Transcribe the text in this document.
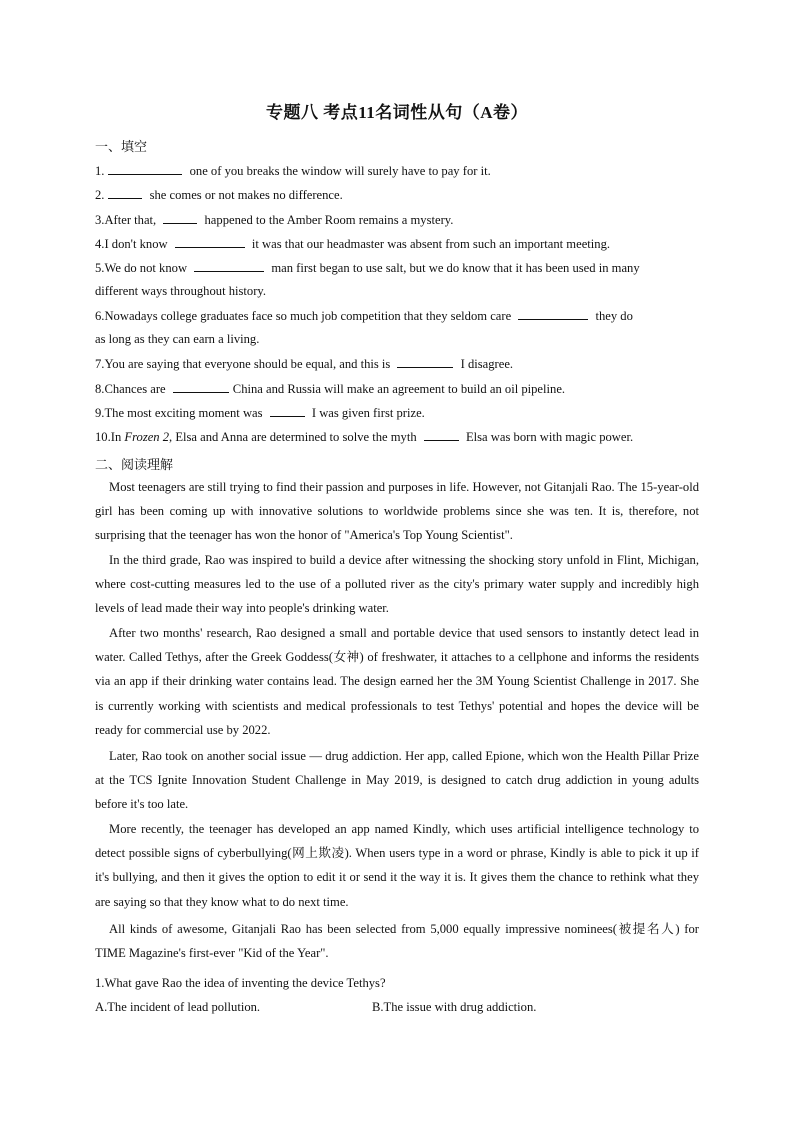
专题八 考点11名词性从句（A卷）
一、填空
1.	one of you breaks the window will surely have to pay for it.
2.	she comes or not makes no difference.
3.After that,	happened to the Amber Room remains a mystery.
4.I don't know	it was that our headmaster was absent from such an important meeting.
5.We do not know	man first began to use salt, but we do know that it has been used in many
different ways throughout history.
6.Nowadays college graduates face so much job competition that they seldom care	they do
as long as they can earn a living.
7.You are saying that everyone should be equal, and this is	I disagree.
8.Chances are	China and Russia will make an agreement to build an oil pipeline.
9.The most exciting moment was	I was given first prize.
10.In Frozen 2, Elsa and Anna are determined to solve the myth	Elsa was born with magic power.
二、阅读理解
Most teenagers are still trying to find their passion and purposes in life. However, not Gitanjali Rao. The 15-year-old girl has been coming up with innovative solutions to worldwide problems since she was ten. It is, therefore, not surprising that the teenager has won the honor of "America's Top Young Scientist".
In the third grade, Rao was inspired to build a device after witnessing the shocking story unfold in Flint, Michigan, where cost-cutting measures led to the use of a polluted river as the city's primary water supply and incredibly high levels of lead made their way into people's drinking water.
After two months' research, Rao designed a small and portable device that used sensors to instantly detect lead in water. Called Tethys, after the Greek Goddess(女神) of freshwater, it attaches to a cellphone and informs the residents via an app if their drinking water contains lead. The design earned her the 3M Young Scientist Challenge in 2017. She is currently working with scientists and medical professionals to test Tethys' potential and hopes the device will be ready for commercial use by 2022.
Later, Rao took on another social issue — drug addiction. Her app, called Epione, which won the Health Pillar Prize at the TCS Ignite Innovation Student Challenge in May 2019, is designed to catch drug addiction in young adults before it's too late.
More recently, the teenager has developed an app named Kindly, which uses artificial intelligence technology to detect possible signs of cyberbullying(网上欺凌). When users type in a word or phrase, Kindly is able to pick it up if it's bullying, and then it gives the option to edit it or send it the way it is. It gives them the chance to rethink what they are saying so that they know what to do next time.
All kinds of awesome, Gitanjali Rao has been selected from 5,000 equally impressive nominees(被提名人) for TIME Magazine's first-ever "Kid of the Year".
1.What gave Rao the idea of inventing the device Tethys?
A.The incident of lead pollution.	B.The issue with drug addiction.
